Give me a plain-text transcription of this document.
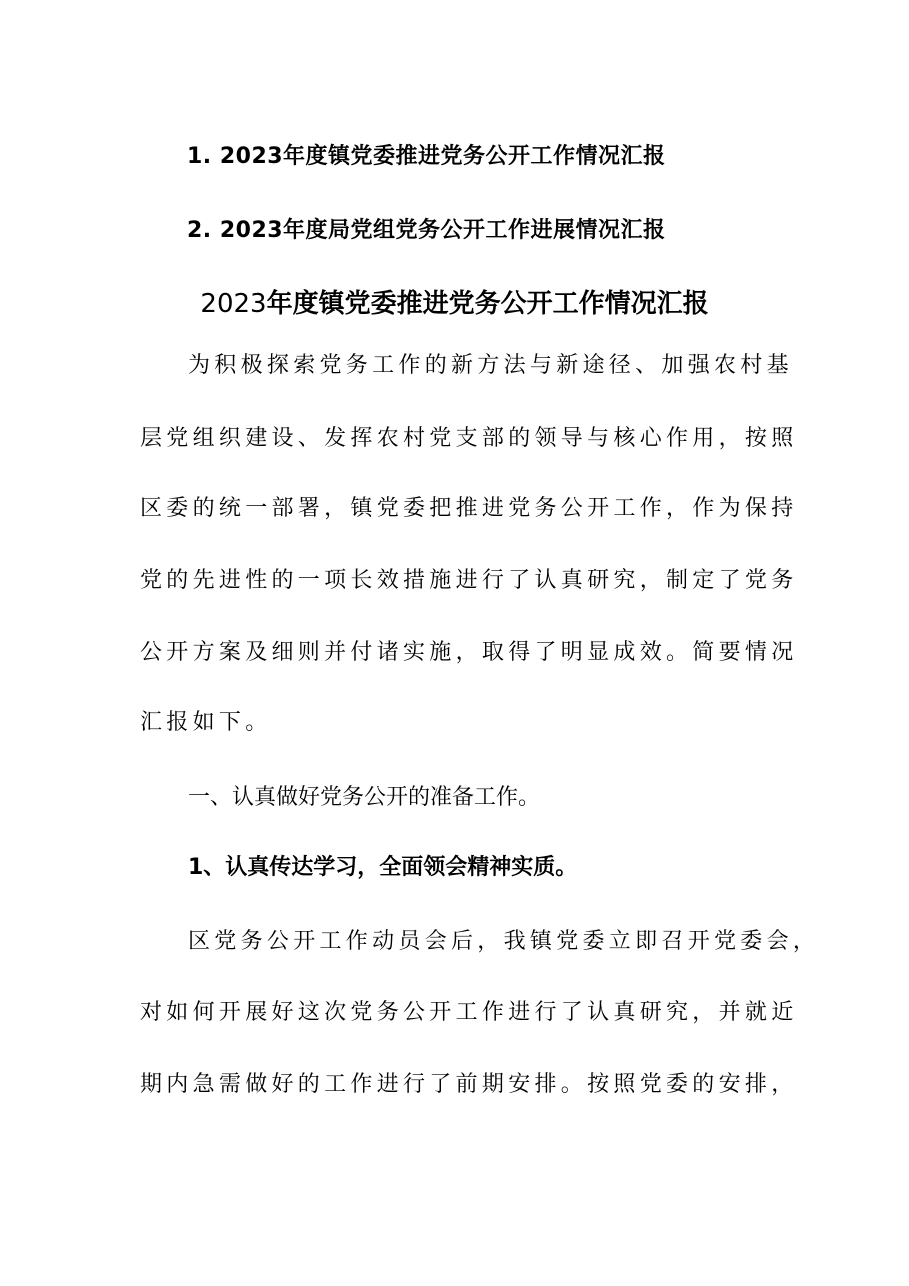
1. 2023年度镇党委推进党务公开工作情况汇报
2. 2023年度局党组党务公开工作进展情况汇报
2023年度镇党委推进党务公开工作情况汇报
为积极探索党务工作的新方法与新途径、加强农村基
层党组织建设、发挥农村党支部的领导与核心作用，按照
区委的统一部署，镇党委把推进党务公开工作，作为保持
党的先进性的一项长效措施进行了认真研究，制定了党务
公开方案及细则并付诸实施，取得了明显成效。简要情况
汇报如下。
一、认真做好党务公开的准备工作。
1、认真传达学习，全面领会精神实质。
区党务公开工作动员会后，我镇党委立即召开党委会，
对如何开展好这次党务公开工作进行了认真研究，并就近
期内急需做好的工作进行了前期安排。按照党委的安排，
